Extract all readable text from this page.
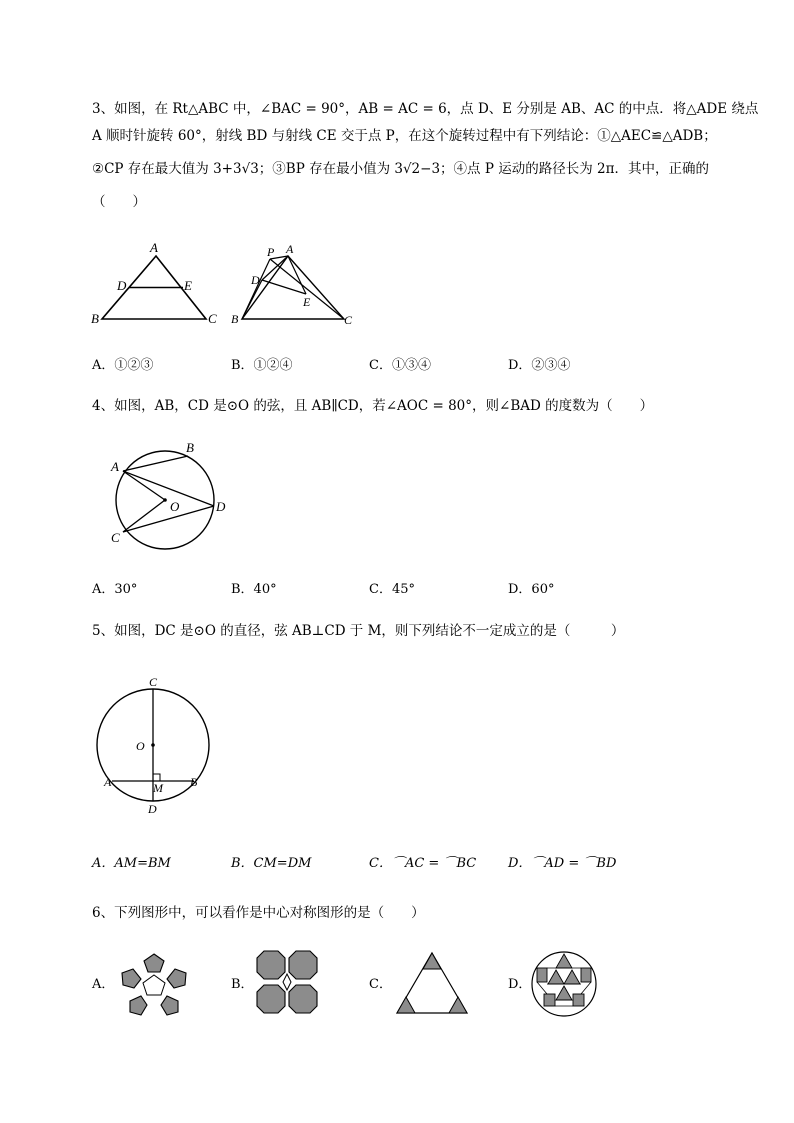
3、如图，在 Rt△ABC 中，∠BAC = 90°，AB = AC = 6，点 D、E 分别是 AB、AC 的中点．将△ADE 绕点
A 顺时针旋转 60°，射线 BD 与射线 CE 交于点 P，在这个旋转过程中有下列结论：①△AEC≌△ADB；
②CP 存在最大值为 3+3√3；③BP 存在最小值为 3√2−3；④点 P 运动的路径长为 2π．其中，正确的
（　　）
A
D	E
B	C
P A
D
E
B	C
A．①②③	B．①②④	C．①③④	D．②③④
4、如图，AB，CD 是⊙O 的弦，且 AB∥CD，若∠AOC = 80°，则∠BAD 的度数为（　　）
A
B
O	D
C
A．30°	B．40°	C．45°	D．60°
5、如图，DC 是⊙O 的直径，弦 AB⊥CD 于 M，则下列结论不一定成立的是（　　　）
C
O
A	M B
D
A．AM=BM	B．CM=DM	C．⌒AC = ⌒BC D．⌒AD = ⌒BD
6、下列图形中，可以看作是中心对称图形的是（　　）
A．	B．	C．	D．
